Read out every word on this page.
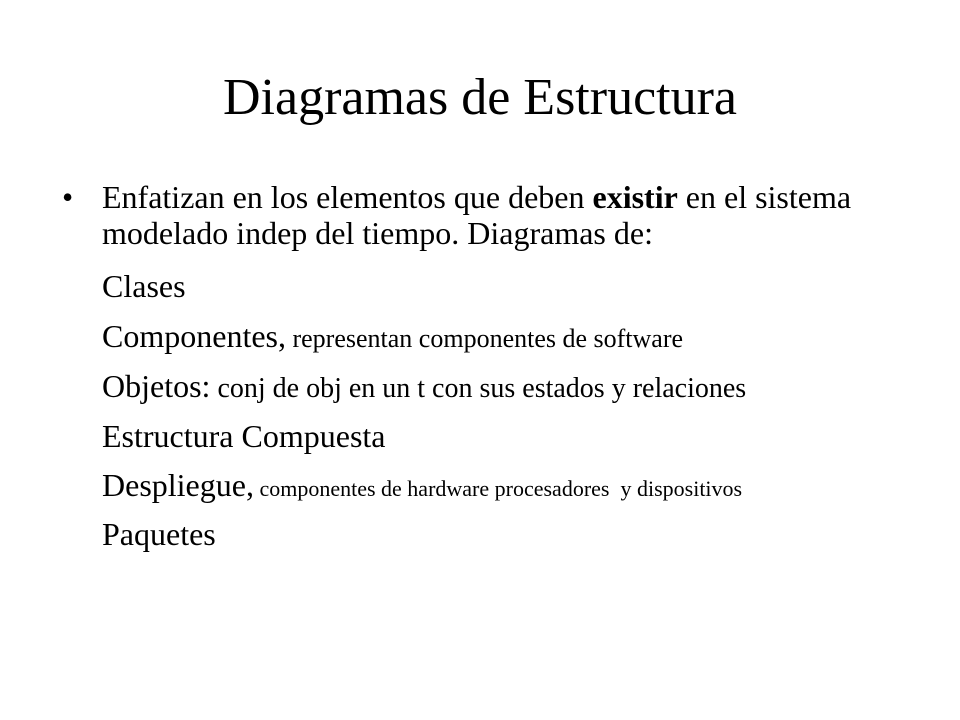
Diagramas de Estructura
• Enfatizan en los elementos que deben existir en el sistema modelado indep del tiempo. Diagramas de:
Clases
Componentes, representan componentes de software
Objetos: conj de obj en un t con sus estados y relaciones
Estructura Compuesta
Despliegue, componentes de hardware procesadores  y dispositivos
Paquetes
